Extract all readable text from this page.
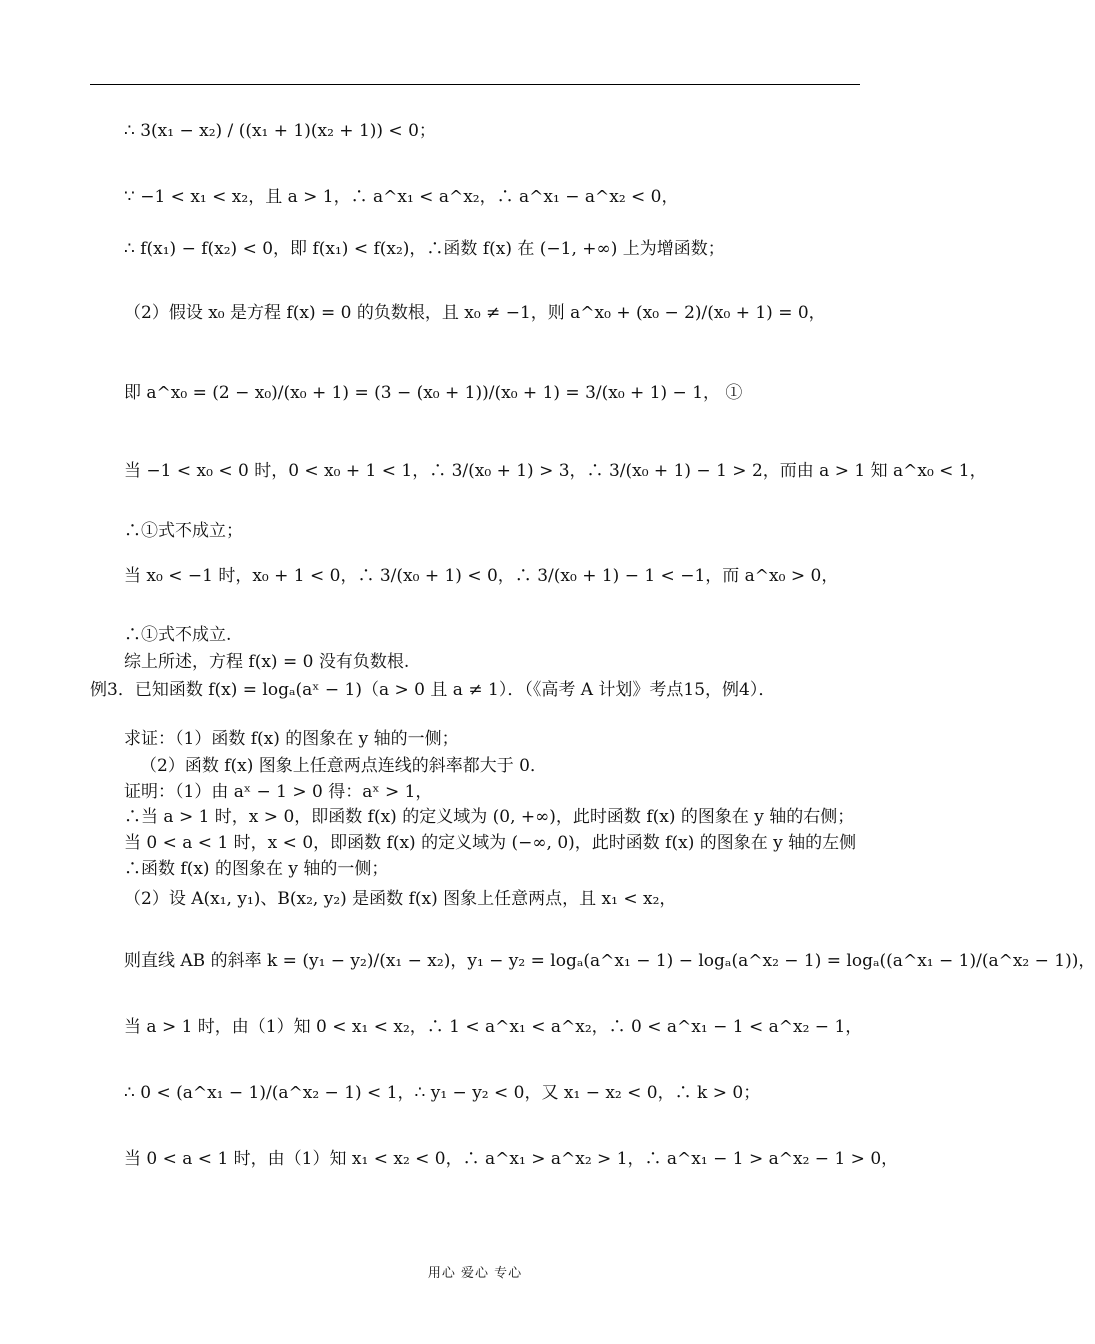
∴ 3(x₁ − x₂) / ((x₁ + 1)(x₂ + 1)) < 0；
∵ −1 < x₁ < x₂，且 a > 1，∴ a^x₁ < a^x₂，∴ a^x₁ − a^x₂ < 0，
∴ f(x₁) − f(x₂) < 0，即 f(x₁) < f(x₂)，∴函数 f(x) 在 (−1, +∞) 上为增函数；
（2）假设 x₀ 是方程 f(x) = 0 的负数根，且 x₀ ≠ −1，则 a^x₀ + (x₀ − 2)/(x₀ + 1) = 0，
即 a^x₀ = (2 − x₀)/(x₀ + 1) = (3 − (x₀ + 1))/(x₀ + 1) = 3/(x₀ + 1) − 1， ①
当 −1 < x₀ < 0 时，0 < x₀ + 1 < 1，∴ 3/(x₀ + 1) > 3，∴ 3/(x₀ + 1) − 1 > 2，而由 a > 1 知 a^x₀ < 1，
∴①式不成立；
当 x₀ < −1 时，x₀ + 1 < 0，∴ 3/(x₀ + 1) < 0，∴ 3/(x₀ + 1) − 1 < −1，而 a^x₀ > 0，
∴①式不成立.
综上所述，方程 f(x) = 0 没有负数根.
例3．已知函数 f(x) = logₐ(aˣ − 1)（a > 0 且 a ≠ 1）．（《高考 A 计划》考点15，例4）．
求证：（1）函数 f(x) 的图象在 y 轴的一侧；
（2）函数 f(x) 图象上任意两点连线的斜率都大于 0．
证明：（1）由 aˣ − 1 > 0 得：aˣ > 1，
∴当 a > 1 时，x > 0，即函数 f(x) 的定义域为 (0, +∞)，此时函数 f(x) 的图象在 y 轴的右侧；
当 0 < a < 1 时，x < 0，即函数 f(x) 的定义域为 (−∞, 0)，此时函数 f(x) 的图象在 y 轴的左侧
∴函数 f(x) 的图象在 y 轴的一侧；
（2）设 A(x₁, y₁)、B(x₂, y₂) 是函数 f(x) 图象上任意两点，且 x₁ < x₂，
则直线 AB 的斜率 k = (y₁ − y₂)/(x₁ − x₂)，y₁ − y₂ = logₐ(a^x₁ − 1) − logₐ(a^x₂ − 1) = logₐ((a^x₁ − 1)/(a^x₂ − 1))，
当 a > 1 时，由（1）知 0 < x₁ < x₂，∴ 1 < a^x₁ < a^x₂，∴ 0 < a^x₁ − 1 < a^x₂ − 1，
∴ 0 < (a^x₁ − 1)/(a^x₂ − 1) < 1，∴ y₁ − y₂ < 0，又 x₁ − x₂ < 0，∴ k > 0；
当 0 < a < 1 时，由（1）知 x₁ < x₂ < 0，∴ a^x₁ > a^x₂ > 1，∴ a^x₁ − 1 > a^x₂ − 1 > 0，
用心 爱心 专心
